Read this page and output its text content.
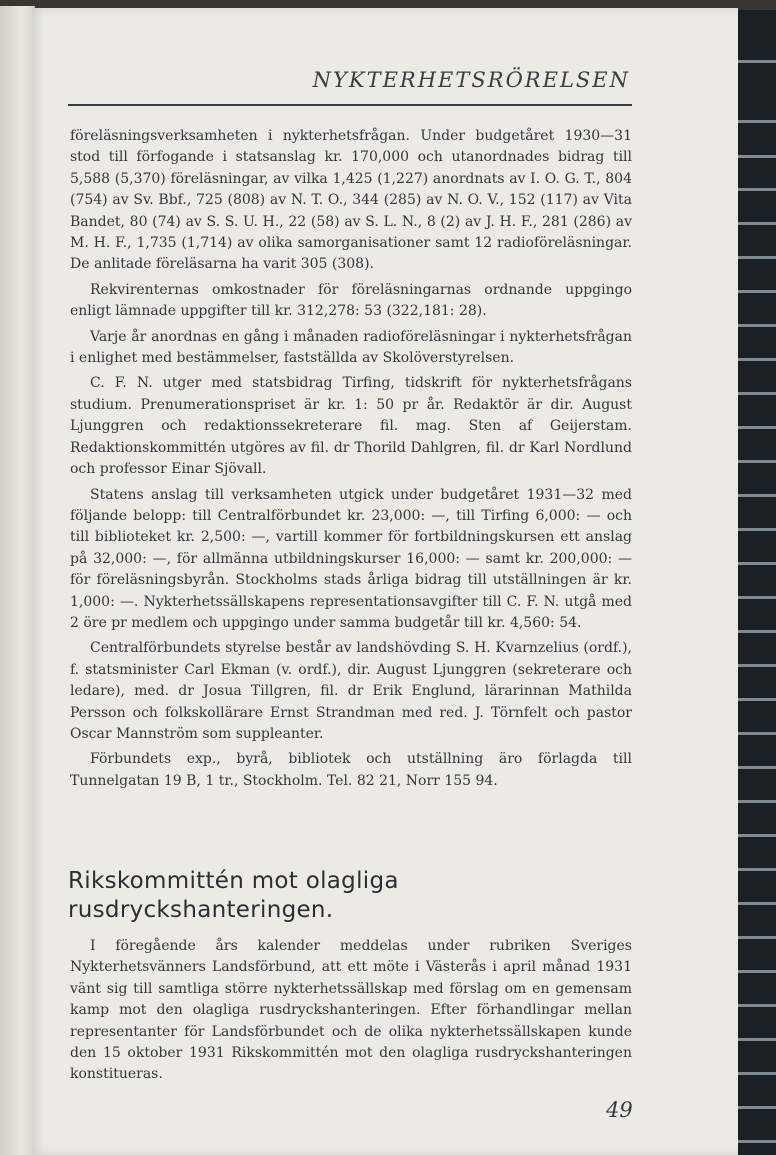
NYKTERHETSRÖRELSEN

föreläsningsverksamheten i nykterhetsfrågan. Under budgetåret 1930—31 stod till förfogande i statsanslag kr. 170,000 och utanordnades bidrag till 5,588 (5,370) föreläsningar, av vilka 1,425 (1,227) anordnats av I. O. G. T., 804 (754) av Sv. Bbf., 725 (808) av N. T. O., 344 (285) av N. O. V., 152 (117) av Vita Bandet, 80 (74) av S. S. U. H., 22 (58) av S. L. N., 8 (2) av J. H. F., 281 (286) av M. H. F., 1,735 (1,714) av olika samorganisationer samt 12 radioföreläsningar. De anlitade föreläsarna ha varit 305 (308).

Rekvirenternas omkostnader för föreläsningarnas ordnande uppgingo enligt lämnade uppgifter till kr. 312,278: 53 (322,181: 28).

Varje år anordnas en gång i månaden radioföreläsningar i nykterhetsfrågan i enlighet med bestämmelser, fastställda av Skolöverstyrelsen.

C. F. N. utger med statsbidrag Tirfing, tidskrift för nykterhetsfrågans studium. Prenumerationspriset är kr. 1: 50 pr år. Redaktör är dir. August Ljunggren och redaktionssekreterare fil. mag. Sten af Geijerstam. Redaktionskommittén utgöres av fil. dr Thorild Dahlgren, fil. dr Karl Nordlund och professor Einar Sjövall.

Statens anslag till verksamheten utgick under budgetåret 1931—32 med följande belopp: till Centralförbundet kr. 23,000: —, till Tirfing 6,000: — och till biblioteket kr. 2,500: —, vartill kommer för fortbildningskursen ett anslag på 32,000: —, för allmänna utbildningskurser 16,000: — samt kr. 200,000: — för föreläsningsbyrån. Stockholms stads årliga bidrag till utställningen är kr. 1,000: —. Nykterhetssällskapens representationsavgifter till C. F. N. utgå med 2 öre pr medlem och uppgingo under samma budgetår till kr. 4,560: 54.

Centralförbundets styrelse består av landshövding S. H. Kvarnzelius (ordf.), f. statsminister Carl Ekman (v. ordf.), dir. August Ljunggren (sekreterare och ledare), med. dr Josua Tillgren, fil. dr Erik Englund, lärarinnan Mathilda Persson och folkskollärare Ernst Strandman med red. J. Törnfelt och pastor Oscar Mannström som suppleanter.

Förbundets exp., byrå, bibliotek och utställning äro förlagda till Tunnelgatan 19 B, 1 tr., Stockholm. Tel. 82 21, Norr 155 94.

Rikskommittén mot olagliga rusdryckshanteringen.

I föregående års kalender meddelas under rubriken Sveriges Nykterhetsvänners Landsförbund, att ett möte i Västerås i april månad 1931 vänt sig till samtliga större nykterhetssällskap med förslag om en gemensam kamp mot den olagliga rusdryckshanteringen. Efter förhandlingar mellan representanter för Landsförbundet och de olika nykterhetssällskapen kunde den 15 oktober 1931 Rikskommittén mot den olagliga rusdryckshanteringen konstitueras.

49
